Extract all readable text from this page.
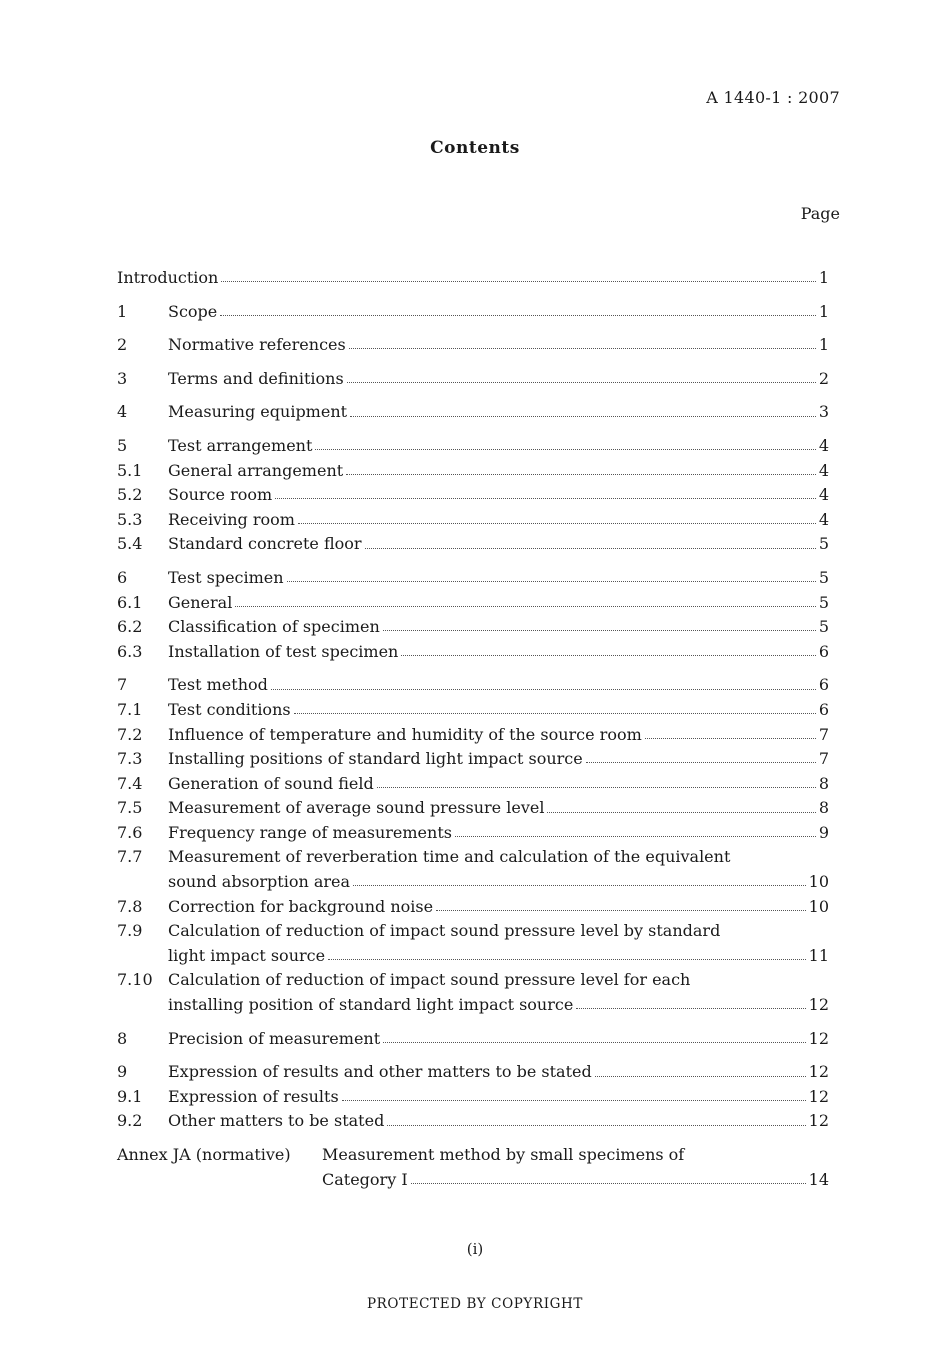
A 1440-1 : 2007
Contents
Page
Introduction	1
1	Scope	1
2	Normative references	1
3	Terms and definitions	2
4	Measuring equipment	3
5	Test arrangement	4
5.1	General arrangement	4
5.2	Source room	4
5.3	Receiving room	4
5.4	Standard concrete floor	5
6	Test specimen	5
6.1	General	5
6.2	Classification of specimen	5
6.3	Installation of test specimen	6
7	Test method	6
7.1	Test conditions	6
7.2	Influence of temperature and humidity of the source room	7
7.3	Installing positions of standard light impact source	7
7.4	Generation of sound field	8
7.5	Measurement of average sound pressure level	8
7.6	Frequency range of measurements	9
7.7	Measurement of reverberation time and calculation of the equivalent
sound absorption area	10
7.8	Correction for background noise	10
7.9	Calculation of reduction of impact sound pressure level by standard
light impact source	11
7.10 Calculation of reduction of impact sound pressure level for each
installing position of standard light impact source	12
8	Precision of measurement	12
9	Expression of results and other matters to be stated	12
9.1	Expression of results	12
9.2	Other matters to be stated	12
Annex JA (normative)	Measurement method by small specimens of
Category I	14
(i)
PROTECTED BY COPYRIGHT
